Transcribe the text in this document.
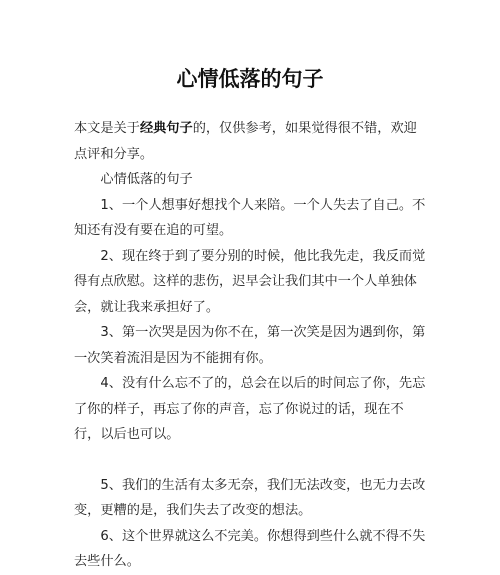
心情低落的句子

本文是关于经典句子的，仅供参考，如果觉得很不错，欢迎点评和分享。

心情低落的句子

1、一个人想事好想找个人来陪。一个人失去了自己。不知还有没有要在追的可望。

2、现在终于到了要分别的时候，他比我先走，我反而觉得有点欣慰。这样的悲伤，迟早会让我们其中一个人单独体会，就让我来承担好了。

3、第一次哭是因为你不在，第一次笑是因为遇到你，第一次笑着流泪是因为不能拥有你。

4、没有什么忘不了的，总会在以后的时间忘了你，先忘了你的样子，再忘了你的声音，忘了你说过的话，现在不行，以后也可以。

5、我们的生活有太多无奈，我们无法改变，也无力去改变，更糟的是，我们失去了改变的想法。

6、这个世界就这么不完美。你想得到些什么就不得不失去些什么。
